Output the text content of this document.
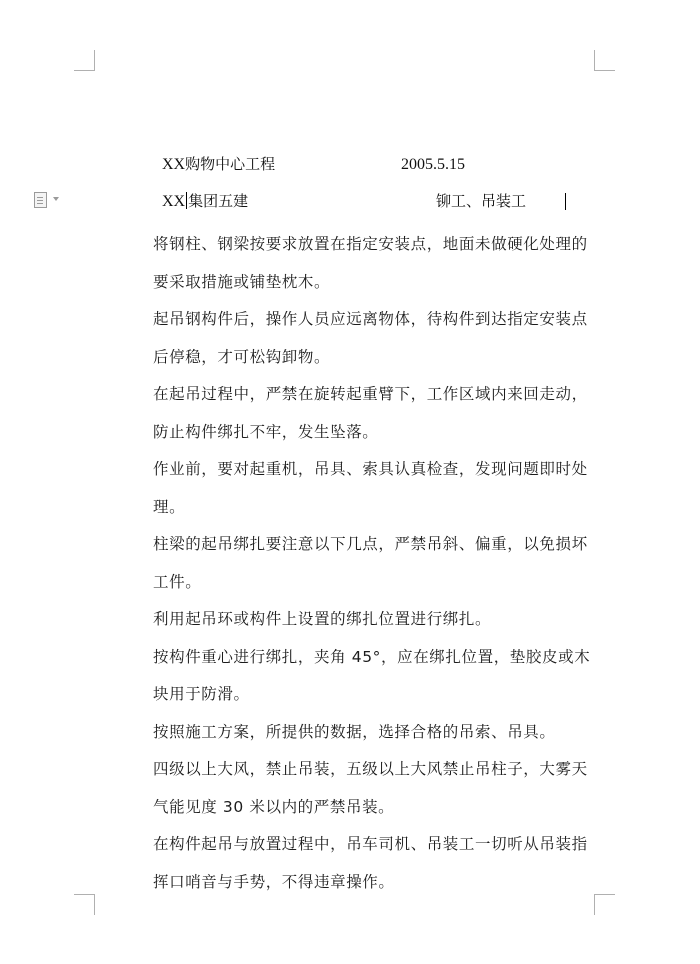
XX购物中心工程	2005.5.15
XX 集团五建	铆工、吊装工

将钢柱、钢梁按要求放置在指定安装点，地面未做硬化处理的要采取措施或铺垫枕木。

起吊钢构件后，操作人员应远离物体，待构件到达指定安装点后停稳，才可松钩卸物。

在起吊过程中，严禁在旋转起重臂下，工作区域内来回走动，防止构件绑扎不牢，发生坠落。

作业前，要对起重机，吊具、索具认真检查，发现问题即时处理。

柱梁的起吊绑扎要注意以下几点，严禁吊斜、偏重，以免损坏工件。

利用起吊环或构件上设置的绑扎位置进行绑扎。

按构件重心进行绑扎，夹角 45°，应在绑扎位置，垫胶皮或木块用于防滑。

按照施工方案，所提供的数据，选择合格的吊索、吊具。

四级以上大风，禁止吊装，五级以上大风禁止吊柱子，大雾天气能见度 30 米以内的严禁吊装。

在构件起吊与放置过程中，吊车司机、吊装工一切听从吊装指挥口哨音与手势，不得违章操作。
